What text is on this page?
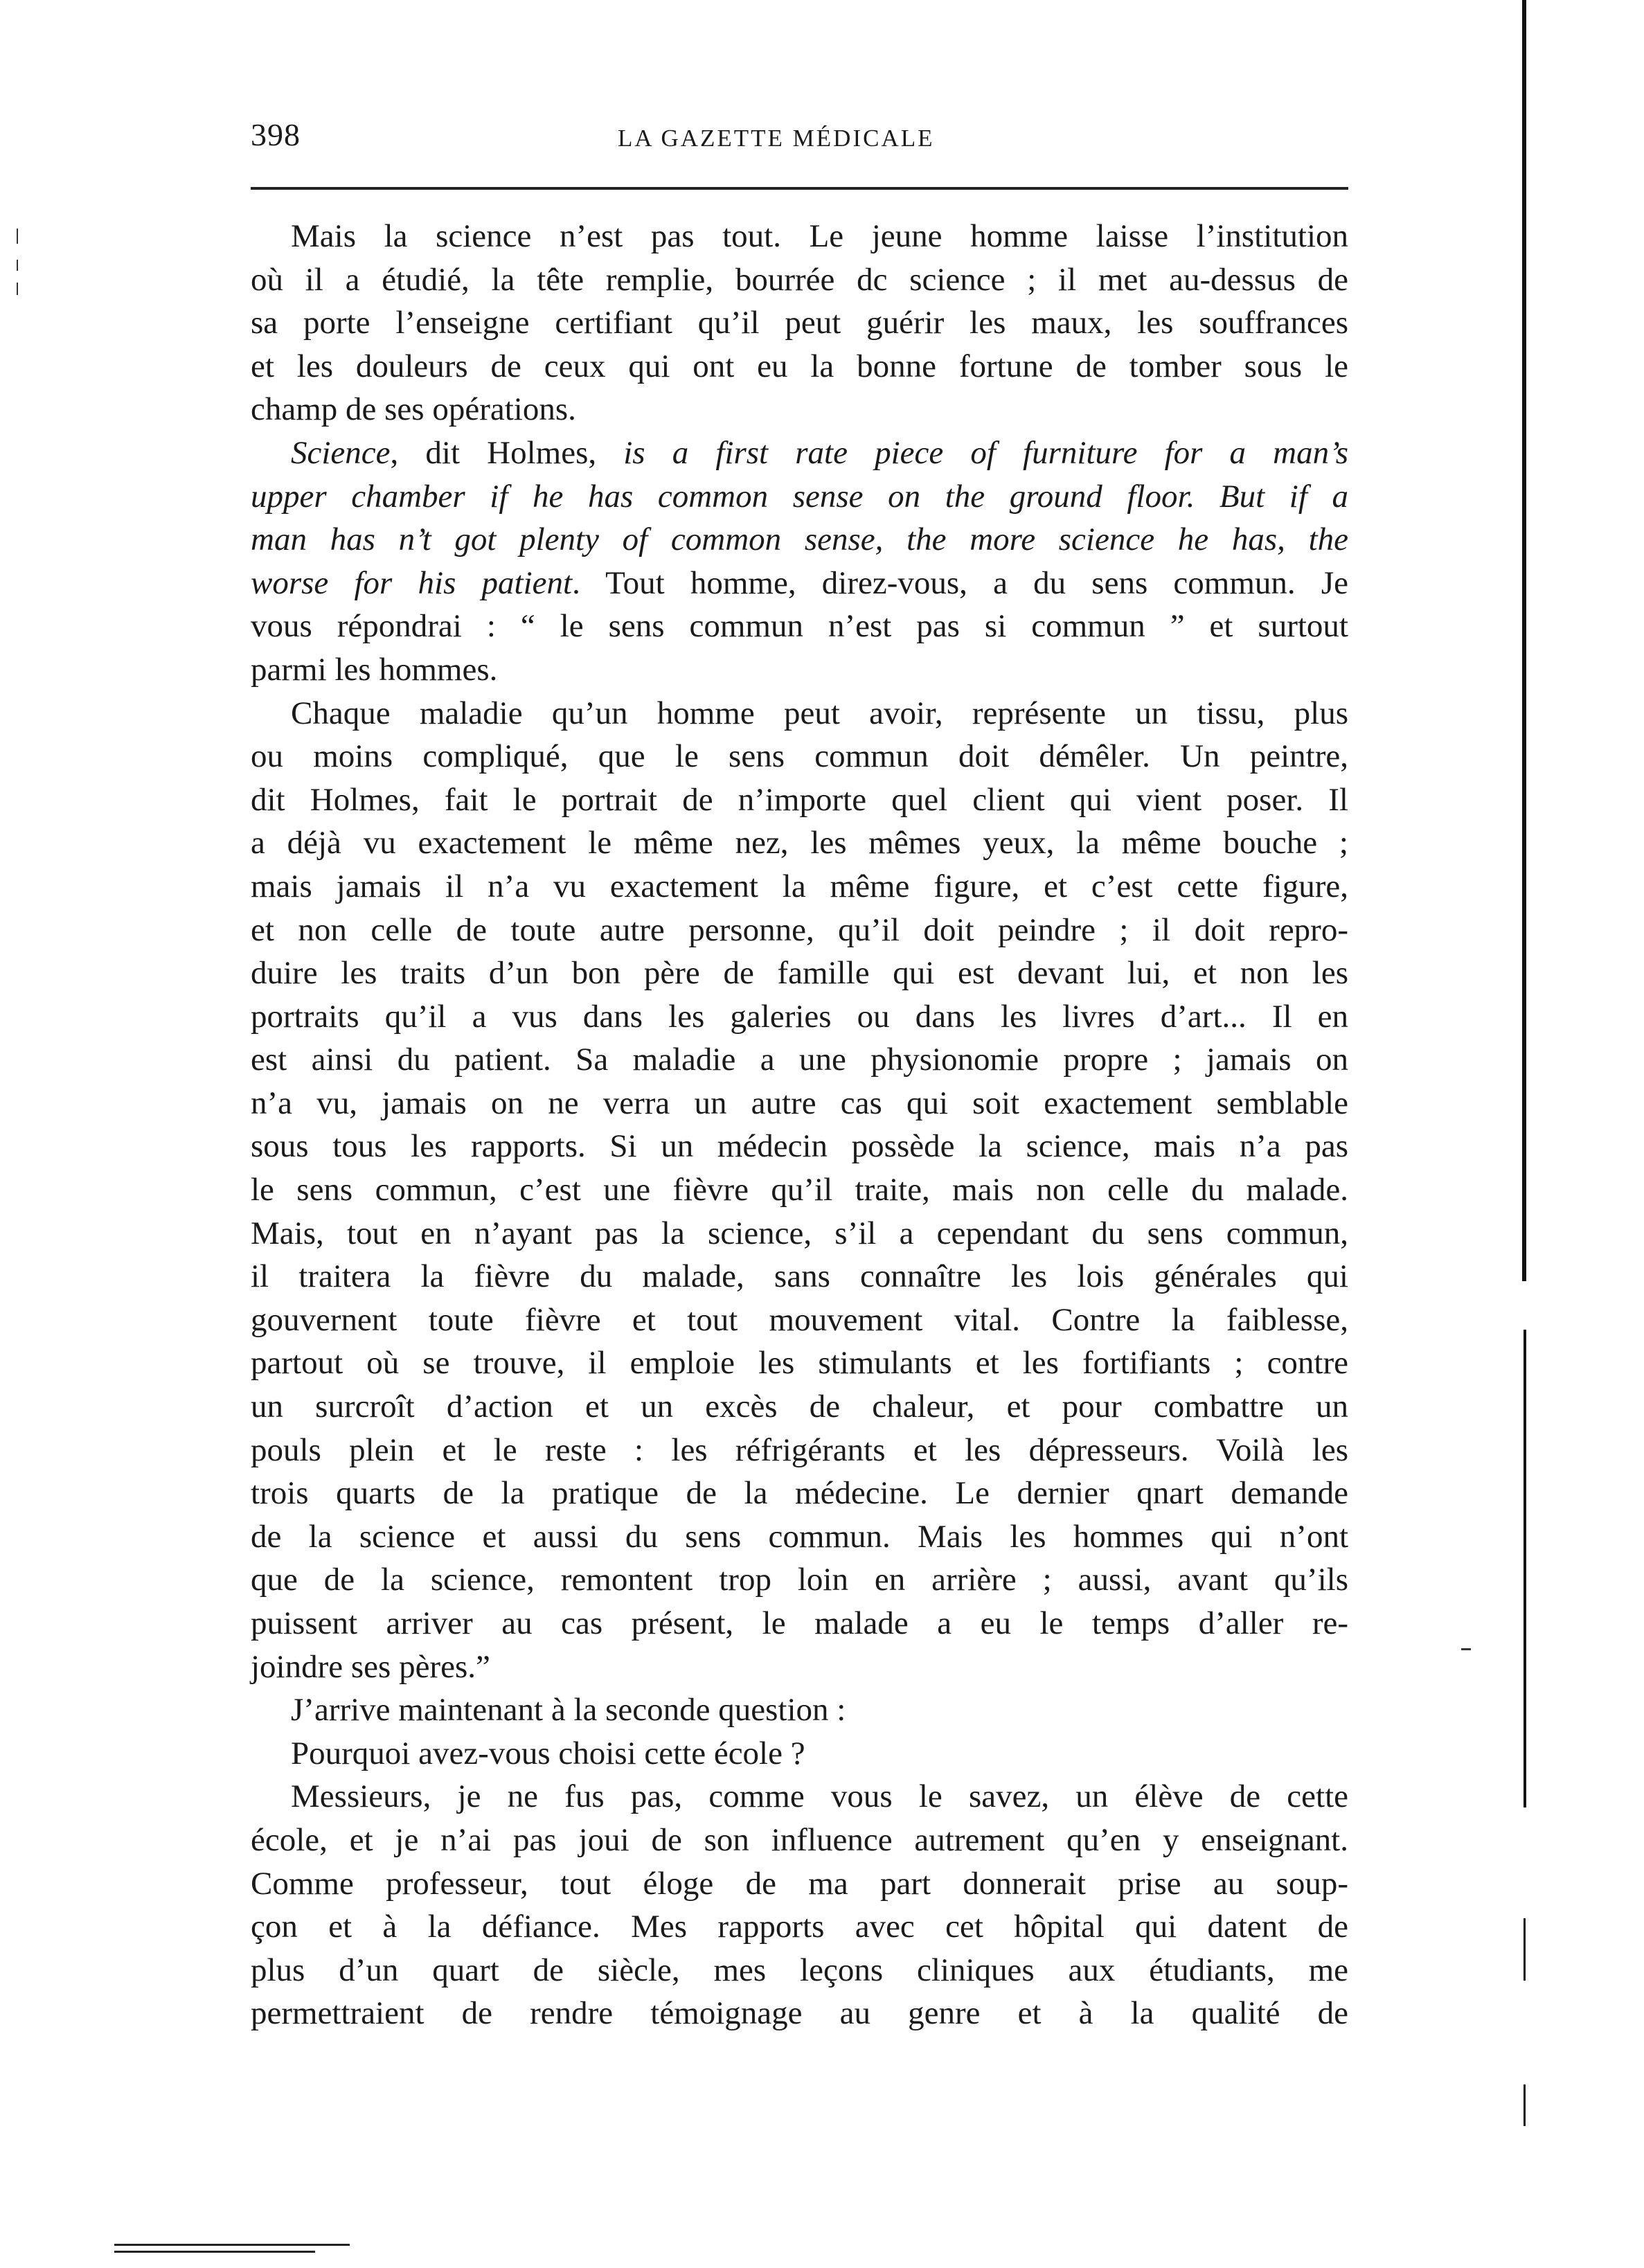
398	LA GAZETTE MÉDICALE
Mais la science n’est pas tout. Le jeune homme laisse l’institution
où il a étudié, la tête remplie, bourrée dc science ; il met au-dessus de
sa porte l’enseigne certifiant qu’il peut guérir les maux, les souffrances
et les douleurs de ceux qui ont eu la bonne fortune de tomber sous le
champ de ses opérations.
Science, dit Holmes, is a first rate piece of furniture for a man’s
upper chamber if he has common sense on the ground floor. But if a
man has n’t got plenty of common sense, the more science he has, the
worse for his patient. Tout homme, direz-vous, a du sens commun. Je
vous répondrai : “ le sens commun n’est pas si commun ” et surtout
parmi les hommes.
Chaque maladie qu’un homme peut avoir, représente un tissu, plus
ou moins compliqué, que le sens commun doit démêler. Un peintre,
dit Holmes, fait le portrait de n’importe quel client qui vient poser. Il
a déjà vu exactement le même nez, les mêmes yeux, la même bouche ;
mais jamais il n’a vu exactement la même figure, et c’est cette figure,
et non celle de toute autre personne, qu’il doit peindre ; il doit repro-
duire les traits d’un bon père de famille qui est devant lui, et non les
portraits qu’il a vus dans les galeries ou dans les livres d’art... Il en
est ainsi du patient. Sa maladie a une physionomie propre ; jamais on
n’a vu, jamais on ne verra un autre cas qui soit exactement semblable
sous tous les rapports. Si un médecin possède la science, mais n’a pas
le sens commun, c’est une fièvre qu’il traite, mais non celle du malade.
Mais, tout en n’ayant pas la science, s’il a cependant du sens commun,
il traitera la fièvre du malade, sans connaître les lois générales qui
gouvernent toute fièvre et tout mouvement vital. Contre la faiblesse,
partout où se trouve, il emploie les stimulants et les fortifiants ; contre
un surcroît d’action et un excès de chaleur, et pour combattre un
pouls plein et le reste : les réfrigérants et les dépresseurs. Voilà les
trois quarts de la pratique de la médecine. Le dernier qnart demande
de la science et aussi du sens commun. Mais les hommes qui n’ont
que de la science, remontent trop loin en arrière ; aussi, avant qu’ils
puissent arriver au cas présent, le malade a eu le temps d’aller re-
joindre ses pères.”
J’arrive maintenant à la seconde question :
Pourquoi avez-vous choisi cette école ?
Messieurs, je ne fus pas, comme vous le savez, un élève de cette
école, et je n’ai pas joui de son influence autrement qu’en y enseignant.
Comme professeur, tout éloge de ma part donnerait prise au soup-
çon et à la défiance. Mes rapports avec cet hôpital qui datent de
plus d’un quart de siècle, mes leçons cliniques aux étudiants, me
permettraient de rendre témoignage au genre et à la qualité de
